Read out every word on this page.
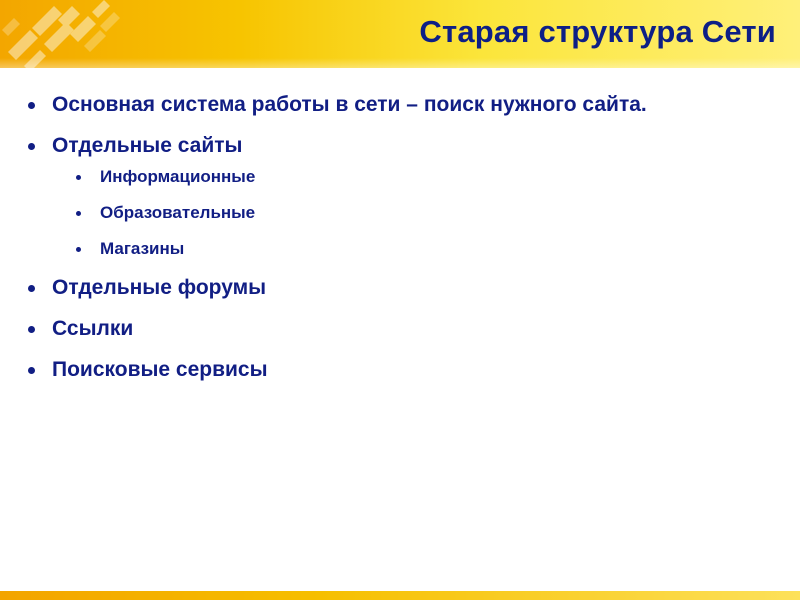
Старая структура Сети
Основная система работы в сети – поиск нужного сайта.
Отдельные сайты
Информационные
Образовательные
Магазины
Отдельные форумы
Ссылки
Поисковые сервисы
